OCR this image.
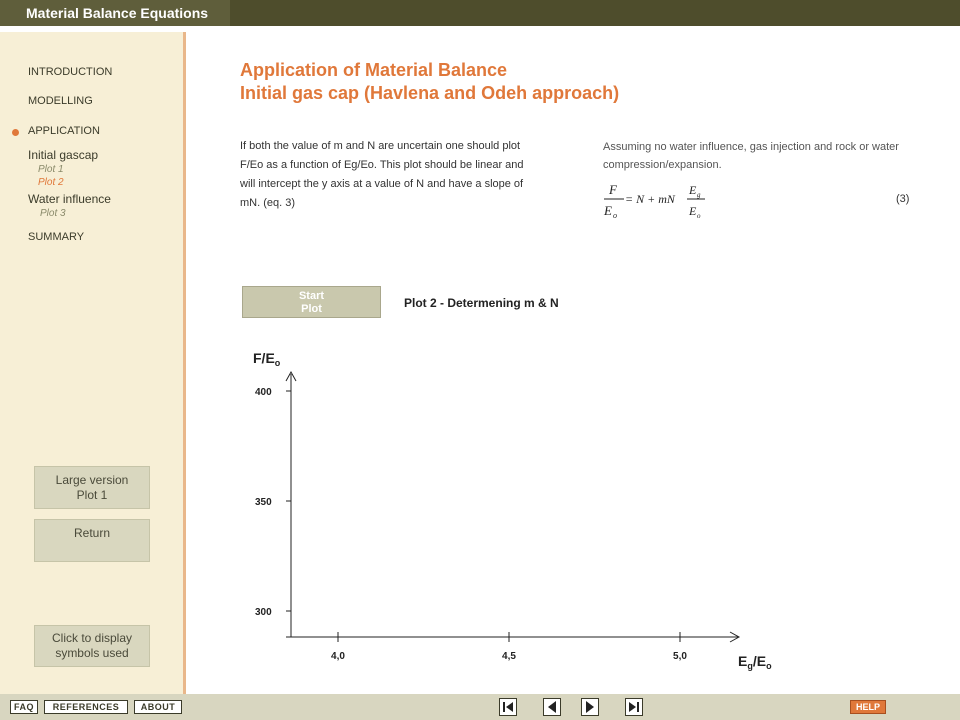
Material Balance Equations
INTRODUCTION
MODELLING
APPLICATION
Initial gascap
Plot 1
Plot 2
Water influence
Plot 3
SUMMARY
Large version
Plot 1
Return
Click to display
symbols used
Application of Material Balance
Initial gas cap (Havlena and Odeh approach)
If both the value of m and N are uncertain one should plot F/Eo as a function of Eg/Eo. This plot should be linear and will intercept the y axis at a value of N and have a slope of mN. (eq. 3)
Assuming no water influence, gas injection and rock or water compression/expansion.
F
E o
= N + mN
E g
E o
(3)
Start
Plot	Plot 2 - Determening m & N
$F/E_o$
$E_g/E_o$
4,0	4,5	5,0
300
350
400
FAQ	REFERENCES	ABOUT	HELP
